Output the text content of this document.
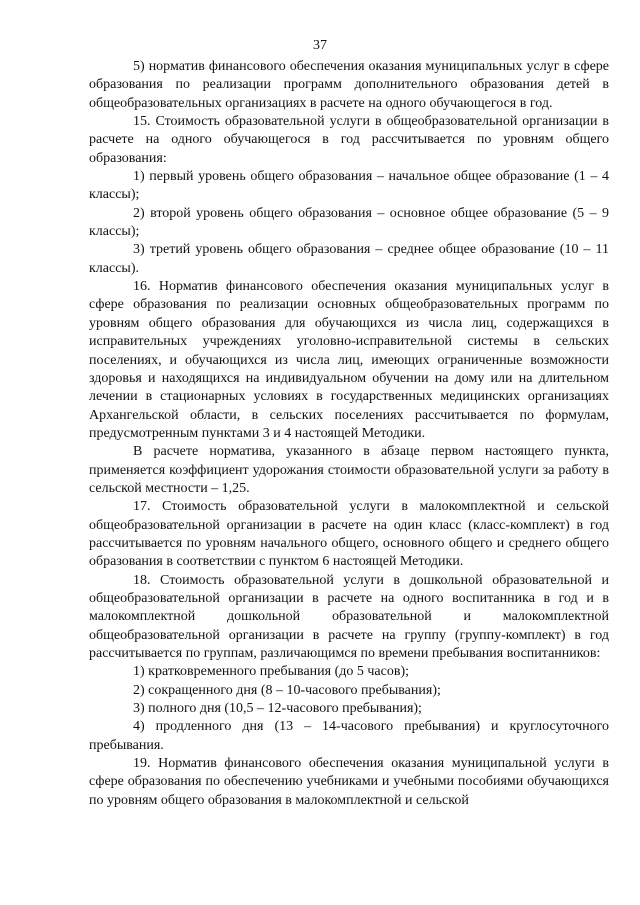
37

5) норматив финансового обеспечения оказания муниципальных услуг в сфере образования по реализации программ дополнительного образования детей в общеобразовательных организациях в расчете на одного обучающегося в год.

15. Стоимость образовательной услуги в общеобразовательной организации в расчете на одного обучающегося в год рассчитывается по уровням общего образования:

1) первый уровень общего образования – начальное общее образование (1 – 4 классы);

2) второй уровень общего образования – основное общее образование (5 – 9 классы);

3) третий уровень общего образования – среднее общее образование (10 – 11 классы).

16. Норматив финансового обеспечения оказания муниципальных услуг в сфере образования по реализации основных общеобразовательных программ по уровням общего образования для обучающихся из числа лиц, содержащихся в исправительных учреждениях уголовно-исправительной системы в сельских поселениях, и обучающихся из числа лиц, имеющих ограниченные возможности здоровья и находящихся на индивидуальном обучении на дому или на длительном лечении в стационарных условиях в государственных медицинских организациях Архангельской области, в сельских поселениях рассчитывается по формулам, предусмотренным пунктами 3 и 4 настоящей Методики.

В расчете норматива, указанного в абзаце первом настоящего пункта, применяется коэффициент удорожания стоимости образовательной услуги за работу в сельской местности – 1,25.

17. Стоимость образовательной услуги в малокомплектной и сельской общеобразовательной организации в расчете на один класс (класс-комплект) в год рассчитывается по уровням начального общего, основного общего и среднего общего образования в соответствии с пунктом 6 настоящей Методики.

18. Стоимость образовательной услуги в дошкольной образовательной и общеобразовательной организации в расчете на одного воспитанника в год и в малокомплектной дошкольной образовательной и малокомплектной общеобразовательной организации в расчете на группу (группу-комплект) в год рассчитывается по группам, различающимся по времени пребывания воспитанников:

1) кратковременного пребывания (до 5 часов);

2) сокращенного дня (8 – 10-часового пребывания);

3) полного дня (10,5 – 12-часового пребывания);

4) продленного дня (13 – 14-часового пребывания) и круглосуточного пребывания.

19. Норматив финансового обеспечения оказания муниципальной услуги в сфере образования по обеспечению учебниками и учебными пособиями обучающихся по уровням общего образования в малокомплектной и сельской
